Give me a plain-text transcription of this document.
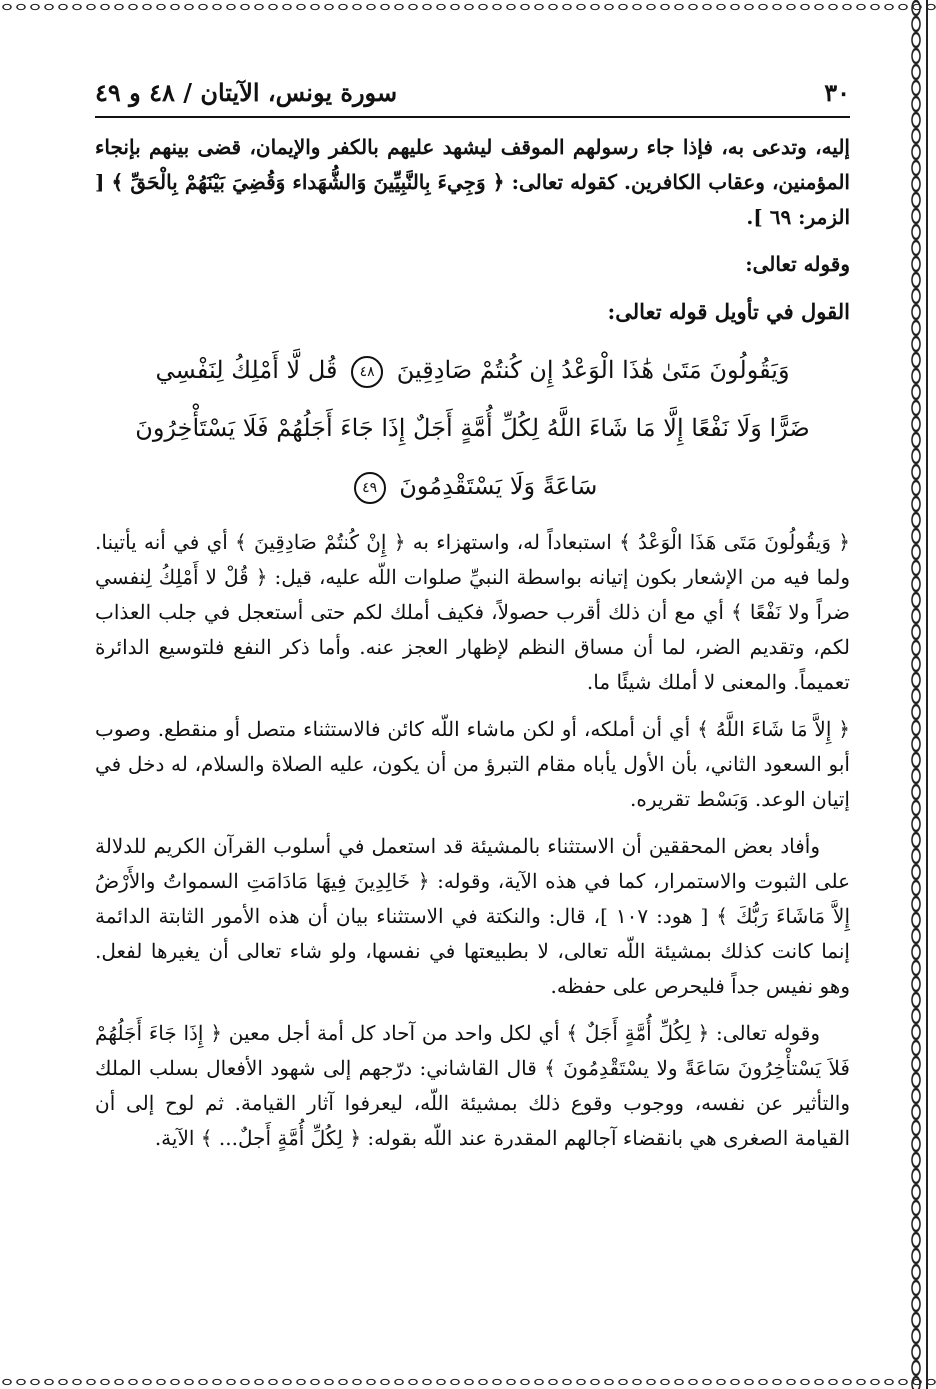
٣٠
سورة يونس، الآيتان / ٤٨ و ٤٩

إليه، وتدعى به، فإذا جاء رسولهم الموقف ليشهد عليهم بالكفر والإيمان، قضى بينهم بإنجاء المؤمنين، وعقاب الكافرين. كقوله تعالى: ﴿ وَجِيءَ بِالنَّبِيِّينَ وَالشُّهَداء وَقُضِيَ بَيْنَهُمْ بِالْحَقِّ ﴾ [ الزمر: ٦٩ ].

وقوله تعالى:

القول في تأويل قوله تعالى:

وَيَقُولُونَ مَتَىٰ هَٰذَا الْوَعْدُ إِن كُنتُمْ صَادِقِينَ ٤٨ قُل لَّا أَمْلِكُ لِنَفْسِي
ضَرًّا وَلَا نَفْعًا إِلَّا مَا شَاءَ اللَّهُ لِكُلِّ أُمَّةٍ أَجَلٌ إِذَا جَاءَ أَجَلُهُمْ فَلَا يَسْتَأْخِرُونَ
سَاعَةً وَلَا يَسْتَقْدِمُونَ ٤٩

﴿ وَيقُولُونَ مَتَى هَذَا الْوَعْدُ ﴾ استبعاداً له، واستهزاء به ﴿ إِنْ كُنتُمْ صَادِقِينَ ﴾ أي في أنه يأتينا. ولما فيه من الإشعار بكون إتيانه بواسطة النبيِّ صلوات اللّه عليه، قيل: ﴿ قُلْ لا أَمْلِكُ لِنفسي ضراً ولا نَفْعًا ﴾ أي مع أن ذلك أقرب حصولاً، فكيف أملك لكم حتى أستعجل في جلب العذاب لكم، وتقديم الضر، لما أن مساق النظم لإظهار العجز عنه. وأما ذكر النفع فلتوسيع الدائرة تعميماً. والمعنى لا أملك شيئًا ما.

﴿ إِلاَّ مَا شَاءَ اللَّهُ ﴾ أي أن أملكه، أو لكن ماشاء اللّه كائن فالاستثناء متصل أو منقطع. وصوب أبو السعود الثاني، بأن الأول يأباه مقام التبرؤ من أن يكون، عليه الصلاة والسلام، له دخل في إتيان الوعد. وَبَسْط تقريره.

وأفاد بعض المحققين أن الاستثناء بالمشيئة قد استعمل في أسلوب القرآن الكريم للدلالة على الثبوت والاستمرار، كما في هذه الآية، وقوله: ﴿ خَالِدِينَ فِيهَا مَادَامَتِ السمواتُ والأَرْضُ إِلاَّ مَاشَاءَ رَبُّكَ ﴾ [ هود: ١٠٧ ]، قال: والنكتة في الاستثناء بيان أن هذه الأمور الثابتة الدائمة إنما كانت كذلك بمشيئة اللّه تعالى، لا بطبيعتها في نفسها، ولو شاء تعالى أن يغيرها لفعل. وهو نفيس جداً فليحرص على حفظه.

وقوله تعالى: ﴿ لِكُلِّ أُمَّةٍ أَجَلٌ ﴾ أي لكل واحد من آحاد كل أمة أجل معين ﴿ إِذَا جَاءَ أَجَلُهُمْ فَلاَ يَسْتأْخِرُونَ سَاعَةً ولا يسْتَقْدِمُونَ ﴾ قال القاشاني: درّجهم إلى شهود الأفعال بسلب الملك والتأثير عن نفسه، ووجوب وقوع ذلك بمشيئة اللّه، ليعرفوا آثار القيامة. ثم لوح إلى أن القيامة الصغرى هي بانقضاء آجالهم المقدرة عند اللّه بقوله: ﴿ لِكُلِّ أُمَّةٍ أَجلٌ... ﴾ الآية.
